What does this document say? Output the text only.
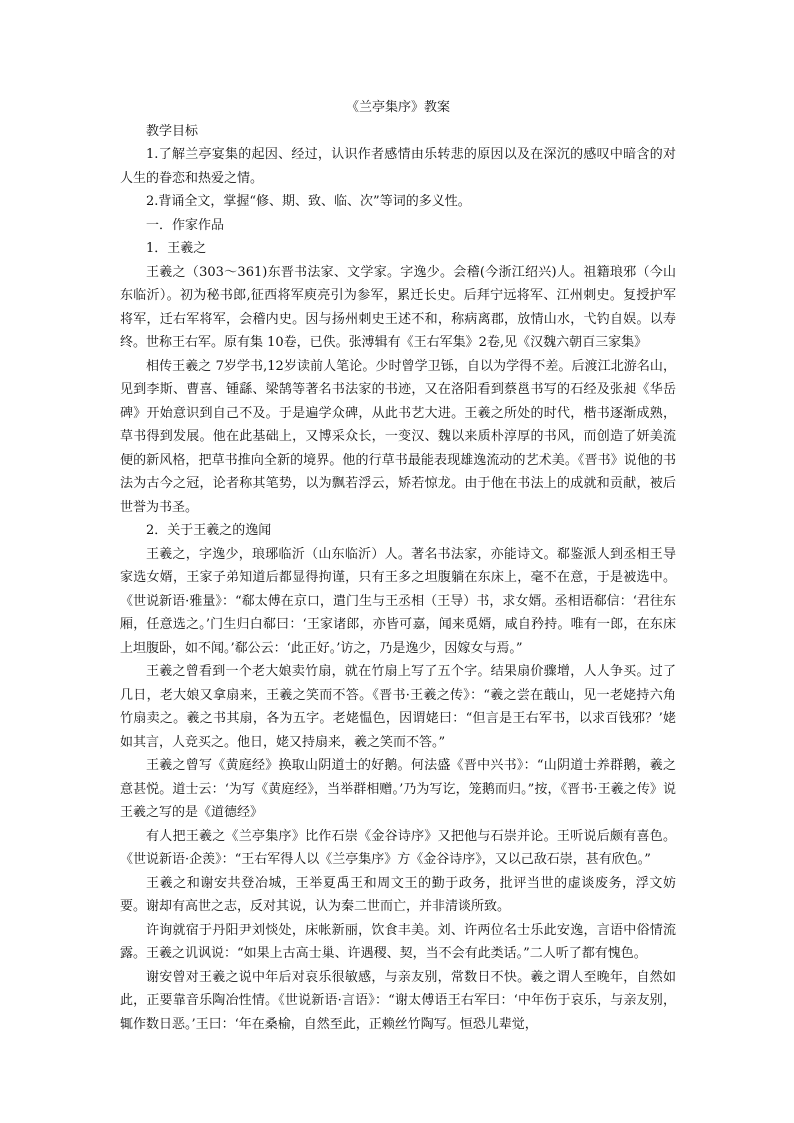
《兰亭集序》教案

教学目标

1.了解兰亭宴集的起因、经过，认识作者感情由乐转悲的原因以及在深沉的感叹中暗含的对人生的眷恋和热爱之情。

2.背诵全文，掌握“修、期、致、临、次”等词的多义性。

一．作家作品

1．王羲之

王羲之（303～361)东晋书法家、文学家。字逸少。会稽(今浙江绍兴)人。祖籍琅邪（今山东临沂）。初为秘书郎,征西将军庾亮引为参军，累迁长史。后拜宁远将军、江州刺史。复授护军将军，迁右军将军，会稽内史。因与扬州刺史王述不和，称病离郡，放情山水，弋钓自娱。以寿终。世称王右军。原有集 10卷，已佚。张溥辑有《王右军集》2卷,见《汉魏六朝百三家集》

相传王羲之 7岁学书,12岁读前人笔论。少时曾学卫铄，自以为学得不差。后渡江北游名山，见到李斯、曹喜、锺繇、梁鹄等著名书法家的书迹，又在洛阳看到蔡邕书写的石经及张昶《华岳碑》开始意识到自己不及。于是遍学众碑，从此书艺大进。王羲之所处的时代，楷书逐渐成熟，草书得到发展。他在此基础上，又博采众长，一变汉、魏以来质朴淳厚的书风，而创造了妍美流便的新风格，把草书推向全新的境界。他的行草书最能表现雄逸流动的艺术美。《晋书》说他的书法为古今之冠，论者称其笔势，以为飘若浮云，矫若惊龙。由于他在书法上的成就和贡献，被后世誉为书圣。

2．关于王羲之的逸闻

王羲之，字逸少，琅琊临沂（山东临沂）人。著名书法家，亦能诗文。郗鉴派人到丞相王导家选女婿，王家子弟知道后都显得拘谨，只有王多之坦腹躺在东床上，毫不在意，于是被选中。《世说新语·雅量》：“郗太傅在京口，遣门生与王丞相（王导）书，求女婿。丞相语郗信：‘君往东厢，任意选之。’门生归白郗曰：‘王家诸郎，亦皆可嘉，闻来觅婿，咸自矜持。唯有一郎，在东床上坦腹卧，如不闻。’郗公云：‘此正好。’访之，乃是逸少，因嫁女与焉。”

王羲之曾看到一个老大娘卖竹扇，就在竹扇上写了五个字。结果扇价骤增，人人争买。过了几日，老大娘又拿扇来，王羲之笑而不答。《晋书·王羲之传》：“羲之尝在蕺山，见一老姥持六角竹扇卖之。羲之书其扇，各为五字。老姥愠色，因谓姥曰：“但言是王右军书，以求百钱邪？’姥如其言，人竞买之。他日，姥又持扇来，羲之笑而不答。”

王羲之曾写《黄庭经》换取山阴道士的好鹅。何法盛《晋中兴书》：“山阴道士养群鹅，羲之意甚悦。道士云：‘为写《黄庭经》，当举群相赠。’乃为写讫，笼鹅而归。”按，《晋书·王羲之传》说王羲之写的是《道德经》

有人把王羲之《兰亭集序》比作石崇《金谷诗序》又把他与石崇并论。王听说后颇有喜色。《世说新语·企羡》：“王右军得人以《兰亭集序》方《金谷诗序》，又以己敌石崇，甚有欣色。”

王羲之和谢安共登冶城，王举夏禹王和周文王的勤于政务，批评当世的虚谈废务，浮文妨要。谢却有高世之志，反对其说，认为秦二世而亡，并非清谈所致。

许询就宿于丹阳尹刘惔处，床帐新丽，饮食丰美。刘、许两位名士乐此安逸，言语中俗情流露。王羲之讥讽说：“如果上古高士巢、许遇稷、契，当不会有此类话。”二人听了都有愧色。

谢安曾对王羲之说中年后对哀乐很敏感，与亲友别，常数日不快。羲之谓人至晚年，自然如此，正要靠音乐陶冶性情。《世说新语·言语》：“谢太傅语王右军曰：‘中年伤于哀乐，与亲友别，辄作数日恶。’王曰：‘年在桑榆，自然至此，正赖丝竹陶写。恒恐儿辈觉，
